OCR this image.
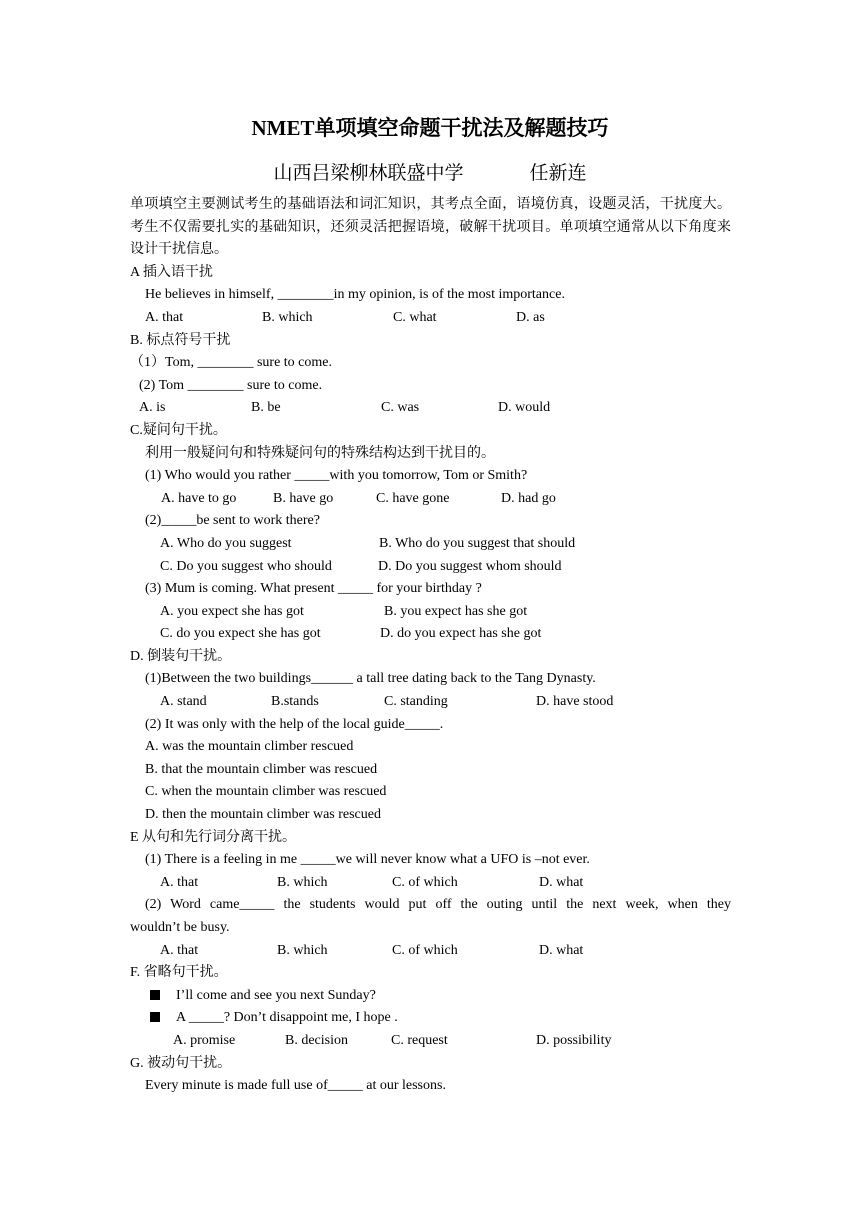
NMET单项填空命题干扰法及解题技巧
山西吕梁柳林联盛中学	任新连
单项填空主要测试考生的基础语法和词汇知识，其考点全面，语境仿真，设题灵活，干扰度大。考生不仅需要扎实的基础知识，还须灵活把握语境，破解干扰项目。单项填空通常从以下角度来设计干扰信息。
A 插入语干扰
He believes in himself, ________in my opinion, is of the most importance.
A. that	B. which	C. what	D. as
B. 标点符号干扰
（1）Tom, ________ sure to come.
(2) Tom ________ sure to come.
A. is	B. be	C. was	D. would
C.疑问句干扰。
利用一般疑问句和特殊疑问句的特殊结构达到干扰目的。
(1) Who would you rather _____with you tomorrow, Tom or Smith?
A. have to go	B. have go	C. have gone	D. had go
(2)_____be sent to work there?
A. Who do you suggest	B. Who do you suggest that should
C. Do you suggest who should	D. Do you suggest whom should
(3) Mum is coming. What present _____ for your birthday ?
A. you expect she has got	B. you expect has she got
C. do you expect she has got	D. do you expect has she got
D. 倒装句干扰。
(1)Between the two buildings______ a tall tree dating back to the Tang Dynasty.
A. stand	B.stands	C. standing	D. have stood
(2) It was only with the help of the local guide_____.
A. was the mountain climber rescued
B. that the mountain climber was rescued
C. when the mountain climber was rescued
D. then the mountain climber was rescued
E 从句和先行词分离干扰。
(1) There is a feeling in me _____we will never know what a UFO is –not ever.
A. that	B. which	C. of which	D. what
(2) Word came_____ the students would put off the outing until the next week, when they
wouldn’t be busy.
A. that	B. which	C. of which	D. what
F. 省略句干扰。
I’ll come and see you next Sunday?
A _____? Don’t disappoint me, I hope .
A. promise	B. decision	C. request	D. possibility
G. 被动句干扰。
Every minute is made full use of_____ at our lessons.
